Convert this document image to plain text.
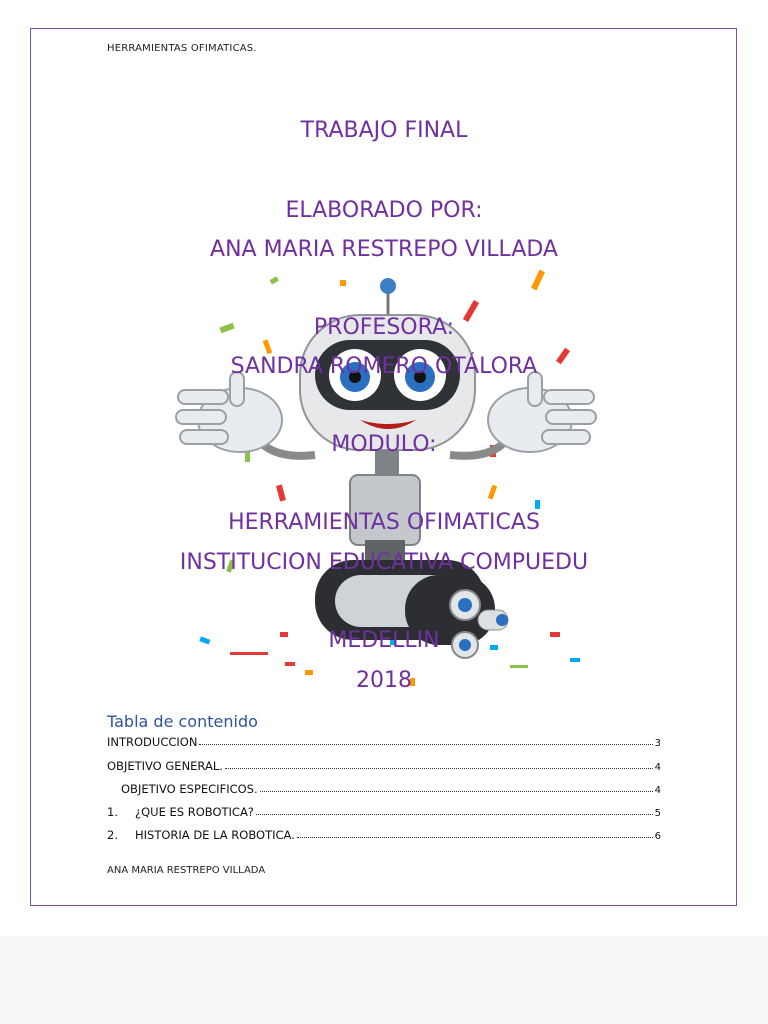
HERRAMIENTAS OFIMATICAS.
TRABAJO FINAL
ELABORADO POR:
ANA MARIA RESTREPO VILLADA
PROFESORA:
SANDRA ROMERO OTÁLORA
MODULO:
HERRAMIENTAS OFIMATICAS
INSTITUCION EDUCATIVA COMPUEDU
MEDELLIN
2018
Tabla de contenido
INTRODUCCION	3
OBJETIVO GENERAL.	4
OBJETIVO ESPECIFICOS.	4
1.	¿QUE ES ROBOTICA?	5
2.	HISTORIA DE LA ROBOTICA.	6
ANA MARIA RESTREPO VILLADA
